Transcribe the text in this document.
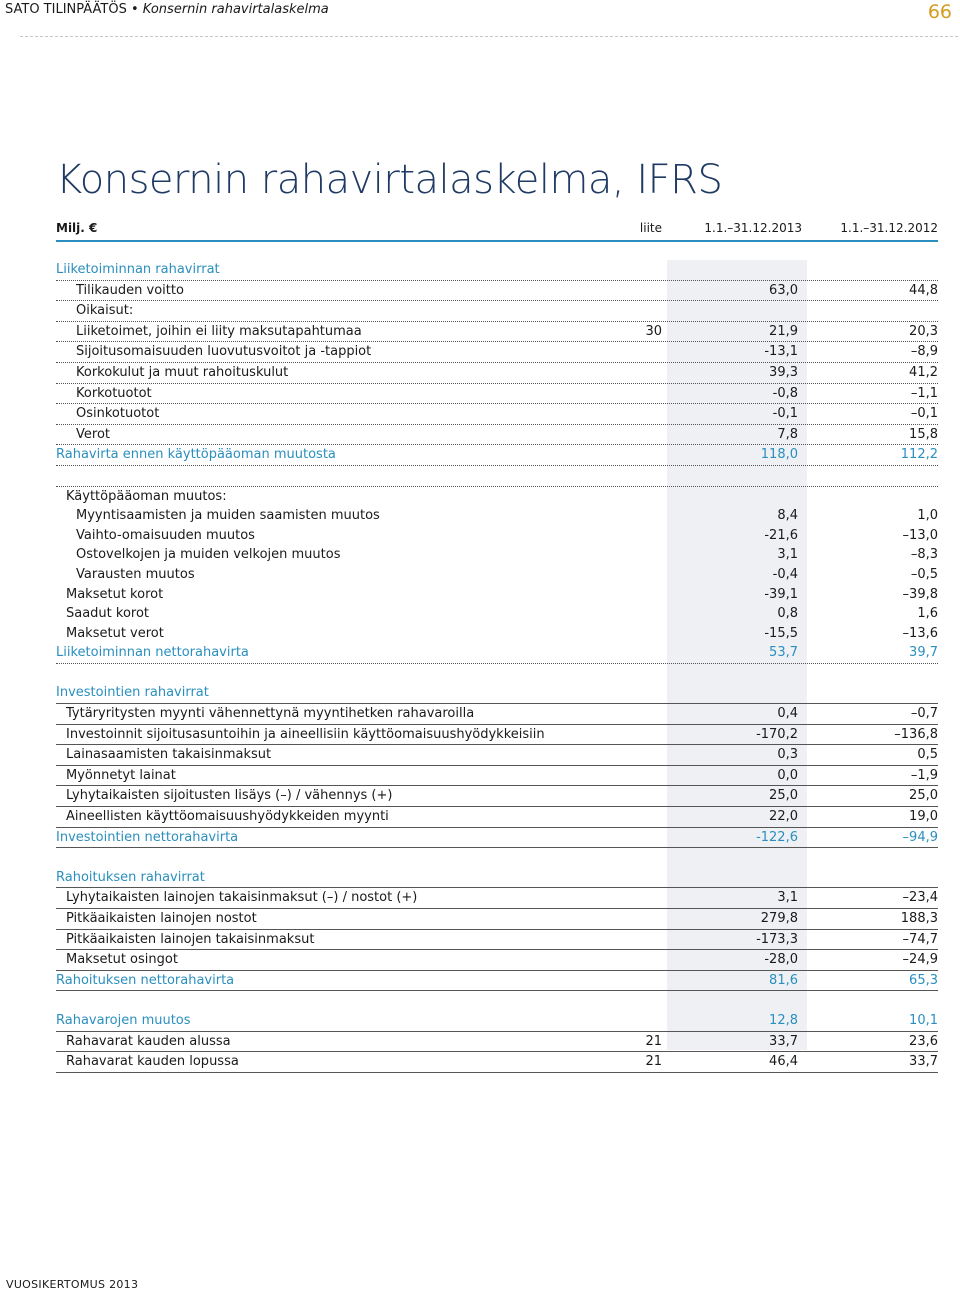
SATO TILINPÄÄTÖS • Konsernin rahavirtalaskelma	66
Konsernin rahavirtalaskelma, IFRS
Milj. €	liite	1.1.–31.12.2013	1.1.–31.12.2012
Liiketoiminnan rahavirrat
Tilikauden voitto	63,0	44,8
Oikaisut:
Liiketoimet, joihin ei liity maksutapahtumaa	30	21,9	20,3
Sijoitusomaisuuden luovutusvoitot ja -tappiot	-13,1	–8,9
Korkokulut ja muut rahoituskulut	39,3	41,2
Korkotuotot	-0,8	–1,1
Osinkotuotot	-0,1	–0,1
Verot	7,8	15,8
Rahavirta ennen käyttöpääoman muutosta	118,0	112,2
Käyttöpääoman muutos:
Myyntisaamisten ja muiden saamisten muutos	8,4	1,0
Vaihto-omaisuuden muutos	-21,6	–13,0
Ostovelkojen ja muiden velkojen muutos	3,1	–8,3
Varausten muutos	-0,4	–0,5
Maksetut korot	-39,1	–39,8
Saadut korot	0,8	1,6
Maksetut verot	-15,5	–13,6
Liiketoiminnan nettorahavirta	53,7	39,7
Investointien rahavirrat
Tytäryritysten myynti vähennettynä myyntihetken rahavaroilla	0,4	–0,7
Investoinnit sijoitusasuntoihin ja aineellisiin käyttöomaisuushyödykkeisiin	-170,2	–136,8
Lainasaamisten takaisinmaksut	0,3	0,5
Myönnetyt lainat	0,0	–1,9
Lyhytaikaisten sijoitusten lisäys (–) / vähennys (+)	25,0	25,0
Aineellisten käyttöomaisuushyödykkeiden myynti	22,0	19,0
Investointien nettorahavirta	-122,6	–94,9
Rahoituksen rahavirrat
Lyhytaikaisten lainojen takaisinmaksut (–) / nostot (+)	3,1	–23,4
Pitkäaikaisten lainojen nostot	279,8	188,3
Pitkäaikaisten lainojen takaisinmaksut	-173,3	–74,7
Maksetut osingot	-28,0	–24,9
Rahoituksen nettorahavirta	81,6	65,3
Rahavarojen muutos	12,8	10,1
Rahavarat kauden alussa	21	33,7	23,6
Rahavarat kauden lopussa	21	46,4	33,7
VUOSIKERTOMUS 2013
